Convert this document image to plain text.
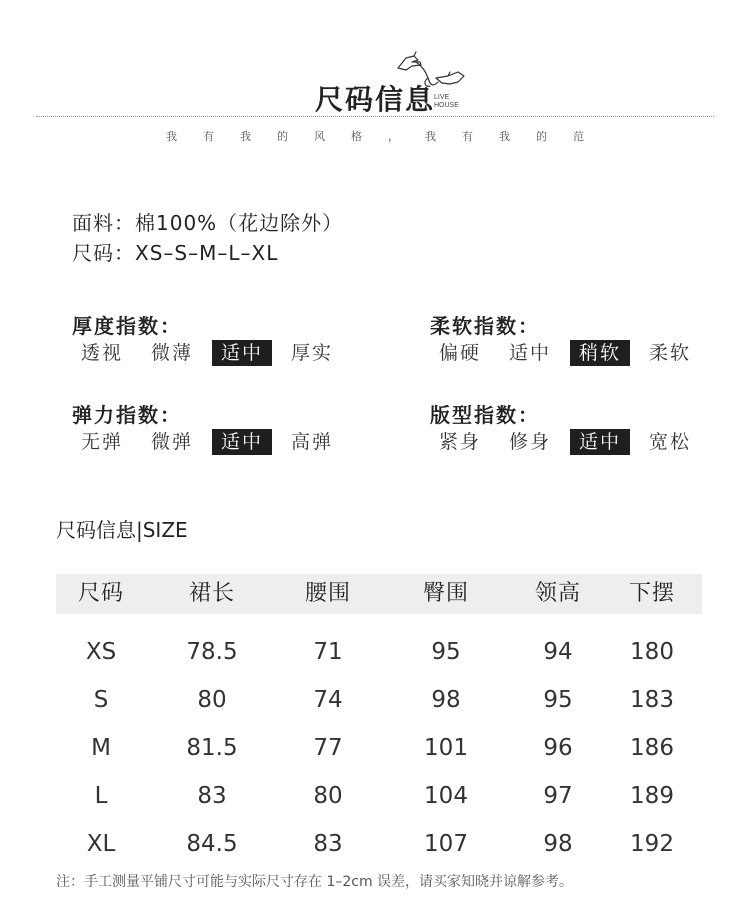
尺码信息 LIVE
HOUSE
我 有 我 的 风 格 ， 我 有 我 的 范
面料：棉100%（花边除外）
尺码：XS–S–M–L–XL
厚度指数：
透视	微薄	适中	厚实
柔软指数：
偏硬	适中	稍软	柔软
弹力指数：
无弹	微弹	适中	高弹
版型指数：
紧身	修身	适中	宽松
尺码信息|SIZE
尺码	裙长	腰围	臀围	领高	下摆
XS	78.5	71	95	94	180
S	80	74	98	95	183
M	81.5	77	101	96	186
L	83	80	104	97	189
XL	84.5	83	107	98	192
注：手工测量平铺尺寸可能与实际尺寸存在 1–2cm 误差，请买家知晓并谅解参考。
